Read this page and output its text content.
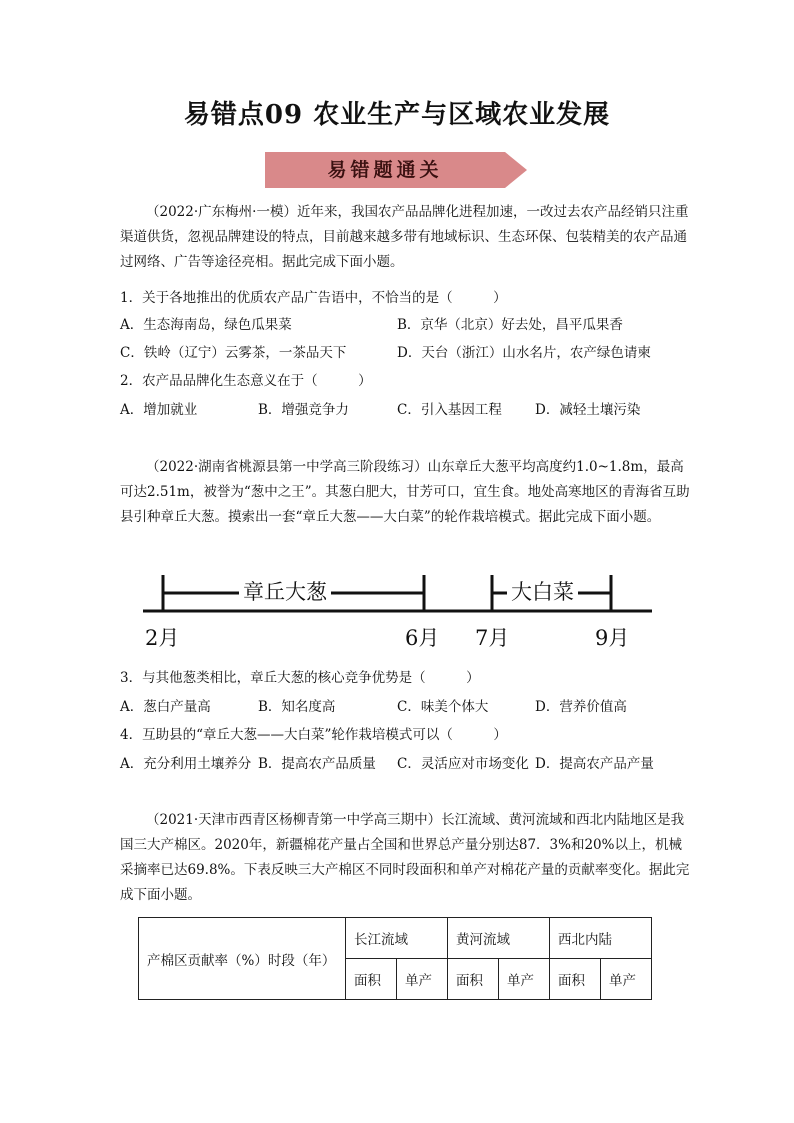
易错点09 农业生产与区域农业发展
易错题通关
（2022·广东梅州·一模）近年来，我国农产品品牌化进程加速，一改过去农产品经销只注重渠道供货，忽视品牌建设的特点，目前越来越多带有地域标识、生态环保、包装精美的农产品通过网络、广告等途径亮相。据此完成下面小题。
1．关于各地推出的优质农产品广告语中，不恰当的是（　　　）
A．生态海南岛，绿色瓜果菜	B．京华（北京）好去处，昌平瓜果香
C．铁岭（辽宁）云雾茶，一茶品天下	D．天台（浙江）山水名片，农产绿色请柬
2．农产品品牌化生态意义在于（　　　）
A．增加就业	B．增强竞争力	C．引入基因工程 D．减轻土壤污染
（2022·湖南省桃源县第一中学高三阶段练习）山东章丘大葱平均高度约1.0~1.8m，最高可达2.51m，被誉为“葱中之王”。其葱白肥大，甘芳可口，宜生食。地处高寒地区的青海省互助县引种章丘大葱。摸索出一套“章丘大葱——大白菜”的轮作栽培模式。据此完成下面小题。
章丘大葱	大白菜
2月	6月 7月	9月
3．与其他葱类相比，章丘大葱的核心竞争优势是（　　　）
A．葱白产量高	B．知名度高	C．味美个体大	D．营养价值高
4．互助县的“章丘大葱——大白菜”轮作栽培模式可以（　　　）
A．充分利用土壤养分 B．提高农产品质量 C．灵活应对市场变化 D．提高农产品产量
（2021·天津市西青区杨柳青第一中学高三期中）长江流域、黄河流域和西北内陆地区是我国三大产棉区。2020年，新疆棉花产量占全国和世界总产量分别达87．3%和20%以上，机械采摘率已达69.8%。下表反映三大产棉区不同时段面积和单产对棉花产量的贡献率变化。据此完成下面小题。
产棉区贡献率（%）时段（年）	长江流域		黄河流域		西北内陆	
	面积	单产	面积	单产	面积	单产
